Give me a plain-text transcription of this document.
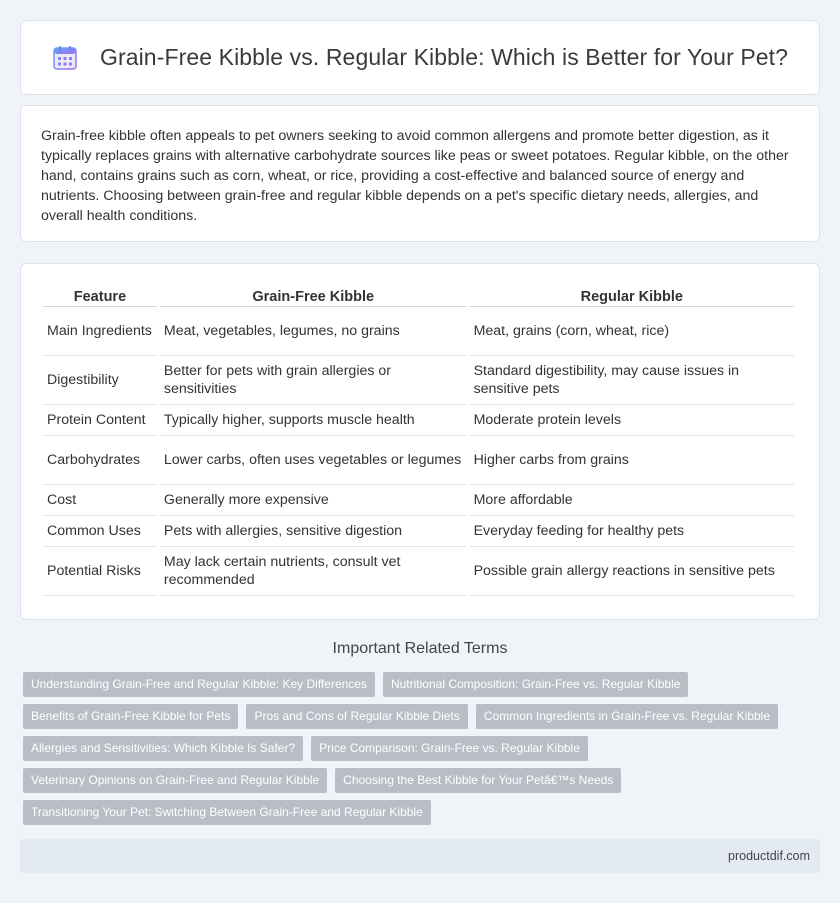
Grain-Free Kibble vs. Regular Kibble: Which is Better for Your Pet?

Grain-free kibble often appeals to pet owners seeking to avoid common allergens and promote better digestion, as it typically replaces grains with alternative carbohydrate sources like peas or sweet potatoes. Regular kibble, on the other hand, contains grains such as corn, wheat, or rice, providing a cost-effective and balanced source of energy and nutrients. Choosing between grain-free and regular kibble depends on a pet's specific dietary needs, allergies, and overall health conditions.

Feature	Grain-Free Kibble	Regular Kibble
Main Ingredients	Meat, vegetables, legumes, no grains	Meat, grains (corn, wheat, rice)
Digestibility	Better for pets with grain allergies or sensitivities	Standard digestibility, may cause issues in sensitive pets
Protein Content	Typically higher, supports muscle health	Moderate protein levels
Carbohydrates	Lower carbs, often uses vegetables or legumes	Higher carbs from grains
Cost	Generally more expensive	More affordable
Common Uses	Pets with allergies, sensitive digestion	Everyday feeding for healthy pets
Potential Risks	May lack certain nutrients, consult vet recommended	Possible grain allergy reactions in sensitive pets
Important Related Terms
Understanding Grain-Free and Regular Kibble: Key Differences	Nutritional Composition: Grain-Free vs. Regular Kibble
Benefits of Grain-Free Kibble for Pets	Pros and Cons of Regular Kibble Diets	Common Ingredients in Grain-Free vs. Regular Kibble
Allergies and Sensitivities: Which Kibble Is Safer?	Price Comparison: Grain-Free vs. Regular Kibble
Veterinary Opinions on Grain-Free and Regular Kibble	Choosing the Best Kibble for Your Petâ€™s Needs
Transitioning Your Pet: Switching Between Grain-Free and Regular Kibble
productdif.com
